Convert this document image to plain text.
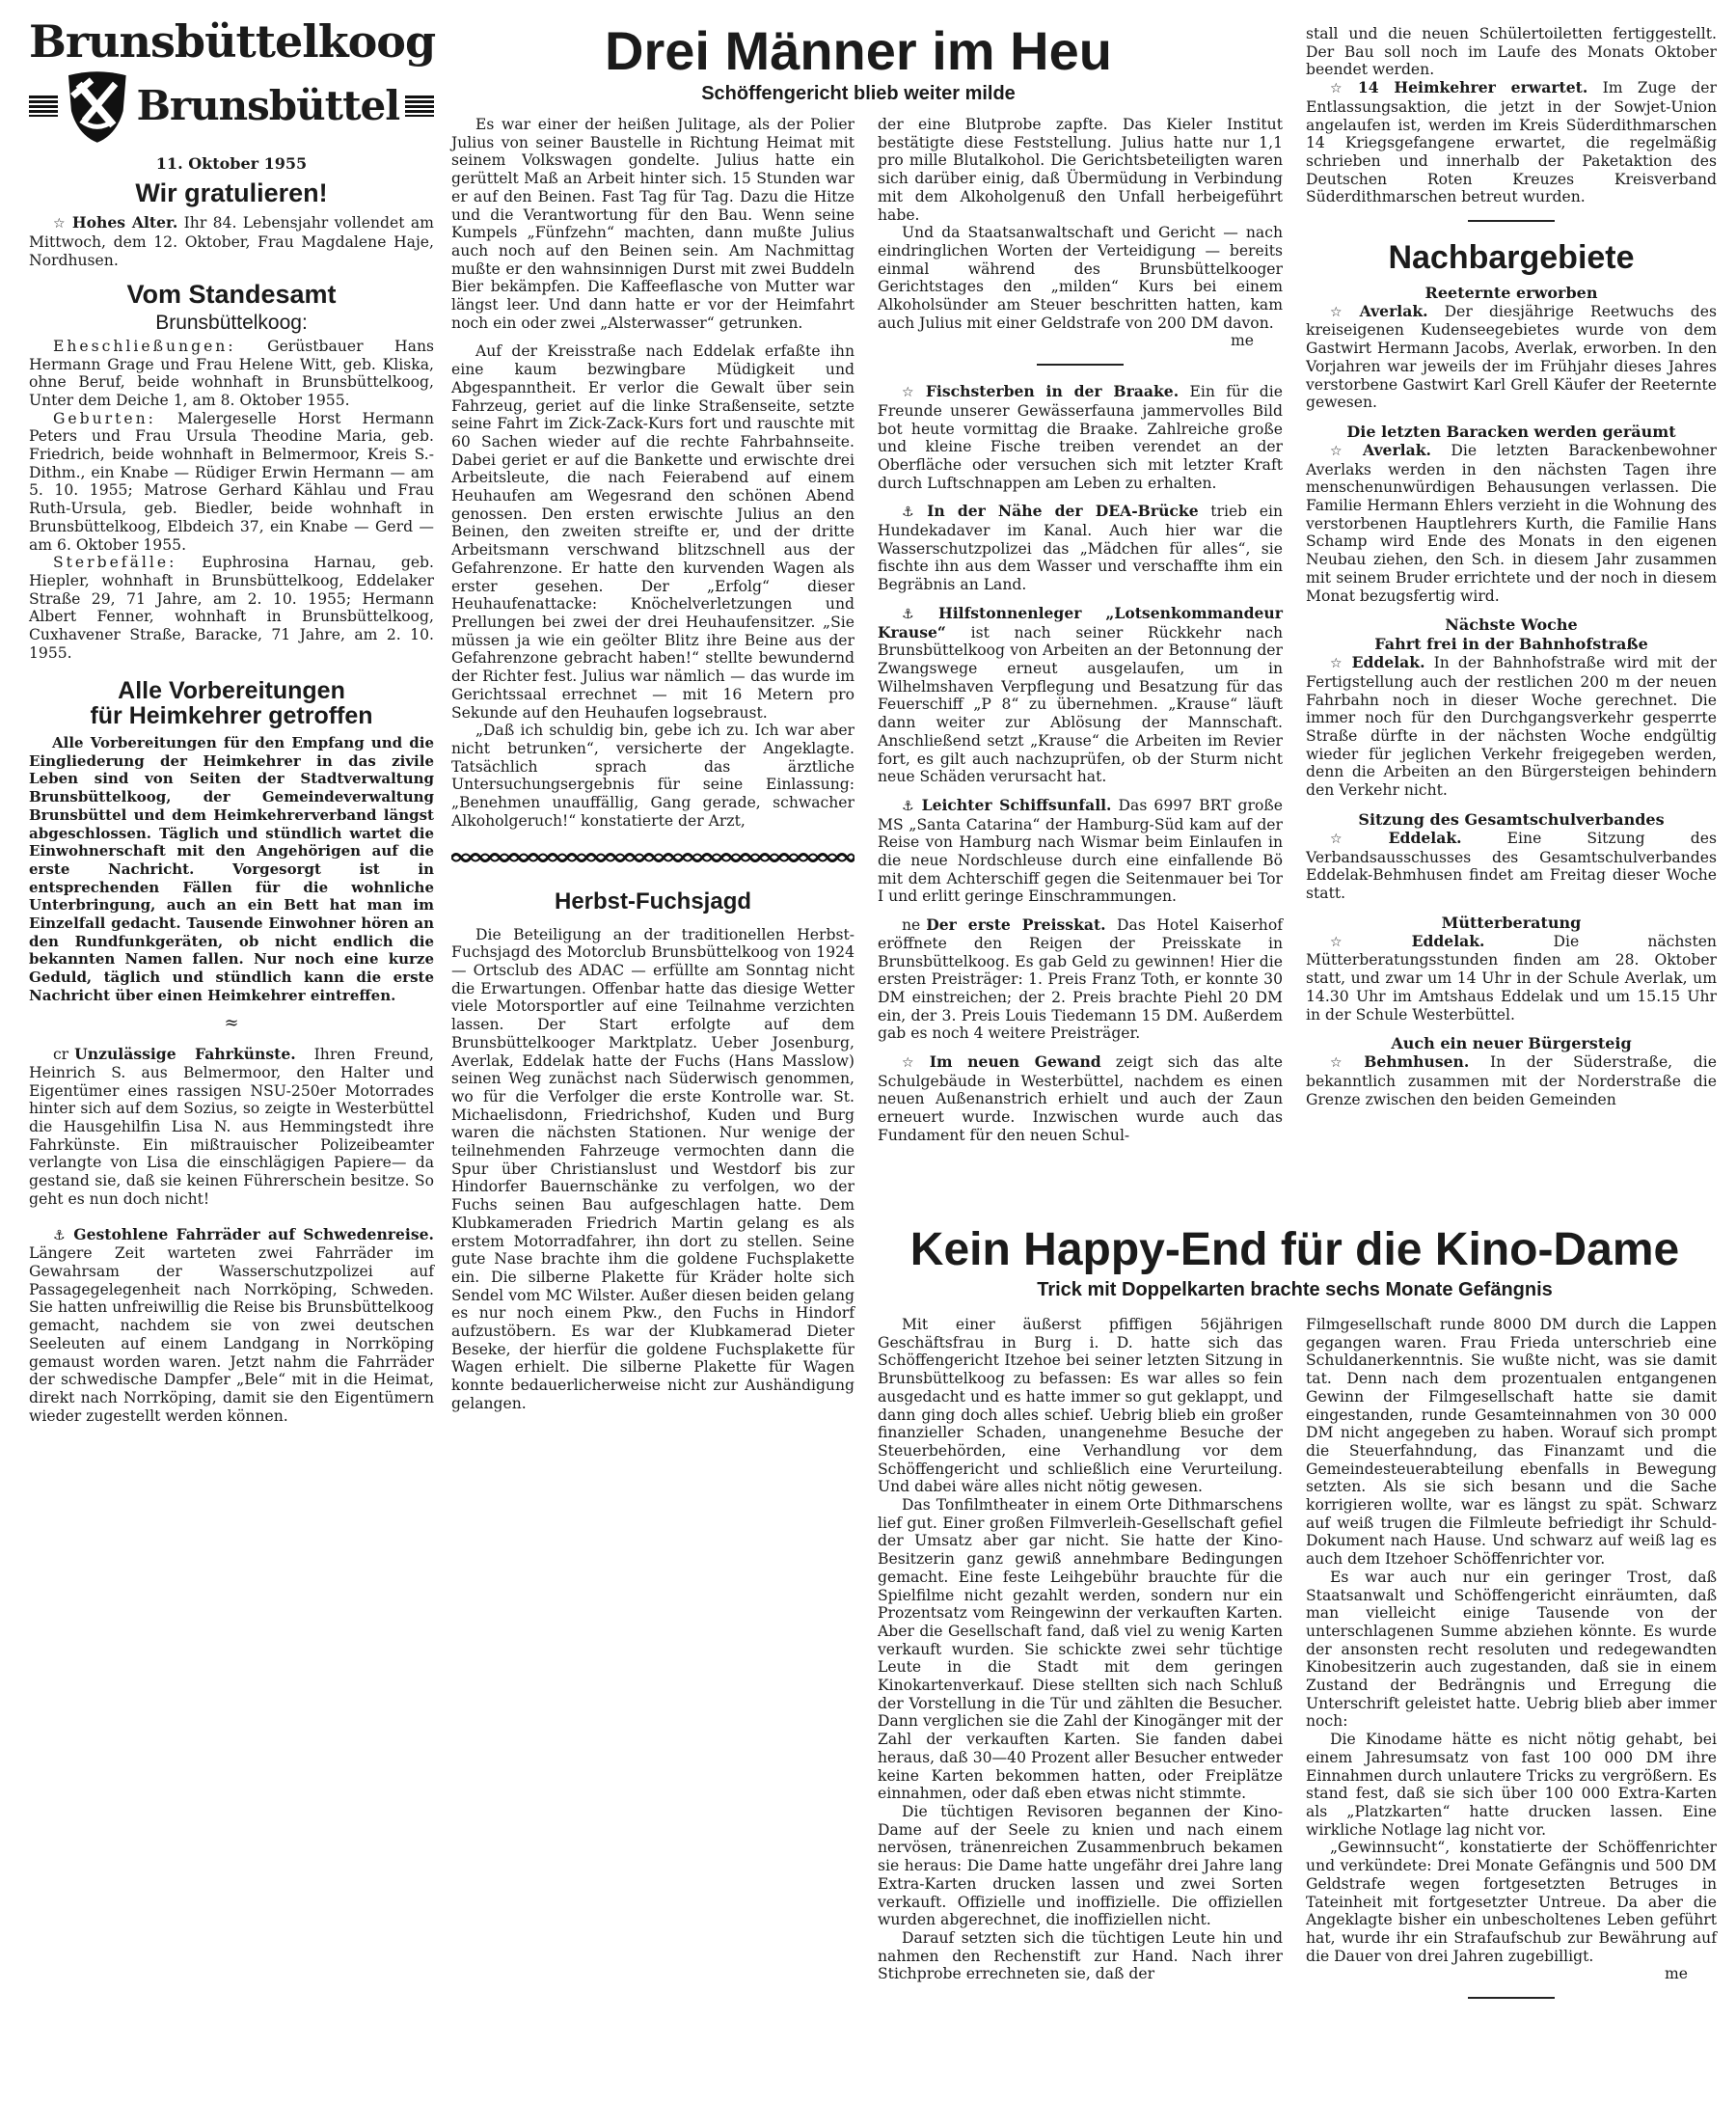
Brunsbüttelkoog
Brunsbüttel
11. Oktober 1955
Wir gratulieren!

☆ Hohes Alter. Ihr 84. Lebensjahr vollendet am Mittwoch, dem 12. Oktober, Frau Magdalene Haje, Nordhusen.

Vom Standesamt
Brunsbüttelkoog:

Eheschließungen: Gerüstbauer Hans Hermann Grage und Frau Helene Witt, geb. Kliska, ohne Beruf, beide wohnhaft in Brunsbüttelkoog, Unter dem Deiche 1, am 8. Oktober 1955.

Geburten: Malergeselle Horst Hermann Peters und Frau Ursula Theodine Maria, geb. Friedrich, beide wohnhaft in Belmermoor, Kreis S.-Dithm., ein Knabe — Rüdiger Erwin Hermann — am 5. 10. 1955; Matrose Gerhard Kählau und Frau Ruth-Ursula, geb. Biedler, beide wohnhaft in Brunsbüttelkoog, Elbdeich 37, ein Knabe — Gerd — am 6. Oktober 1955.

Sterbefälle: Euphrosina Harnau, geb. Hiepler, wohnhaft in Brunsbüttelkoog, Eddelaker Straße 29, 71 Jahre, am 2. 10. 1955; Hermann Albert Fenner, wohnhaft in Brunsbüttelkoog, Cuxhavener Straße, Baracke, 71 Jahre, am 2. 10. 1955.

Alle Vorbereitungen
für Heimkehrer getroffen

Alle Vorbereitungen für den Empfang und die Eingliederung der Heimkehrer in das zivile Leben sind von Seiten der Stadtverwaltung Brunsbüttelkoog, der Gemeindeverwaltung Brunsbüttel und dem Heimkehrerverband längst abgeschlossen. Täglich und stündlich wartet die Einwohnerschaft mit den Angehörigen auf die erste Nachricht. Vorgesorgt ist in entsprechenden Fällen für die wohnliche Unterbringung, auch an ein Bett hat man im Einzelfall gedacht. Tausende Einwohner hören an den Rundfunkgeräten, ob nicht endlich die bekannten Namen fallen. Nur noch eine kurze Geduld, täglich und stündlich kann die erste Nachricht über einen Heimkehrer eintreffen.

≈

cr Unzulässige Fahrkünste. Ihren Freund, Heinrich S. aus Belmermoor, den Halter und Eigentümer eines rassigen NSU-250er Motorrades hinter sich auf dem Sozius, so zeigte in Westerbüttel die Hausgehilfin Lisa N. aus Hemmingstedt ihre Fahrkünste. Ein mißtrauischer Polizeibeamter verlangte von Lisa die einschlägigen Papiere— da gestand sie, daß sie keinen Führerschein besitze. So geht es nun doch nicht!

⚓ Gestohlene Fahrräder auf Schwedenreise. Längere Zeit warteten zwei Fahrräder im Gewahrsam der Wasserschutzpolizei auf Passagegelegenheit nach Norrköping, Schweden. Sie hatten unfreiwillig die Reise bis Brunsbüttelkoog gemacht, nachdem sie von zwei deutschen Seeleuten auf einem Landgang in Norrköping gemaust worden waren. Jetzt nahm die Fahrräder der schwedische Dampfer „Bele“ mit in die Heimat, direkt nach Norrköping, damit sie den Eigentümern wieder zugestellt werden können.

Drei Männer im Heu
Schöffengericht blieb weiter milde

Es war einer der heißen Julitage, als der Polier Julius von seiner Baustelle in Richtung Heimat mit seinem Volkswagen gondelte. Julius hatte ein gerüttelt Maß an Arbeit hinter sich. 15 Stunden war er auf den Beinen. Fast Tag für Tag. Dazu die Hitze und die Verantwortung für den Bau. Wenn seine Kumpels „Fünfzehn“ machten, dann mußte Julius auch noch auf den Beinen sein. Am Nachmittag mußte er den wahnsinnigen Durst mit zwei Buddeln Bier bekämpfen. Die Kaffeeflasche von Mutter war längst leer. Und dann hatte er vor der Heimfahrt noch ein oder zwei „Alsterwasser“ getrunken.

Auf der Kreisstraße nach Eddelak erfaßte ihn eine kaum bezwingbare Müdigkeit und Abgespanntheit. Er verlor die Gewalt über sein Fahrzeug, geriet auf die linke Straßenseite, setzte seine Fahrt im Zick-Zack-Kurs fort und rauschte mit 60 Sachen wieder auf die rechte Fahrbahnseite. Dabei geriet er auf die Bankette und erwischte drei Arbeitsleute, die nach Feierabend auf einem Heuhaufen am Wegesrand den schönen Abend genossen. Den ersten erwischte Julius an den Beinen, den zweiten streifte er, und der dritte Arbeitsmann verschwand blitzschnell aus der Gefahrenzone. Er hatte den kurvenden Wagen als erster gesehen. Der „Erfolg“ dieser Heuhaufenattacke: Knöchelverletzungen und Prellungen bei zwei der drei Heuhaufensitzer. „Sie müssen ja wie ein geölter Blitz ihre Beine aus der Gefahrenzone gebracht haben!“ stellte bewundernd der Richter fest. Julius war nämlich — das wurde im Gerichtssaal errechnet — mit 16 Metern pro Sekunde auf den Heuhaufen logsebraust.

„Daß ich schuldig bin, gebe ich zu. Ich war aber nicht betrunken“, versicherte der Angeklagte. Tatsächlich sprach das ärztliche Untersuchungsergebnis für seine Einlassung: „Benehmen unauffällig, Gang gerade, schwacher Alkoholgeruch!“ konstatierte der Arzt,

Herbst-Fuchsjagd

Die Beteiligung an der traditionellen Herbst-Fuchsjagd des Motorclub Brunsbüttelkoog von 1924 — Ortsclub des ADAC — erfüllte am Sonntag nicht die Erwartungen. Offenbar hatte das diesige Wetter viele Motorsportler auf eine Teilnahme verzichten lassen. Der Start erfolgte auf dem Brunsbüttelkooger Marktplatz. Ueber Josenburg, Averlak, Eddelak hatte der Fuchs (Hans Masslow) seinen Weg zunächst nach Süderwisch genommen, wo für die Verfolger die erste Kontrolle war. St. Michaelisdonn, Friedrichshof, Kuden und Burg waren die nächsten Stationen. Nur wenige der teilnehmenden Fahrzeuge vermochten dann die Spur über Christianslust und Westdorf bis zur Hindorfer Bauernschänke zu verfolgen, wo der Fuchs seinen Bau aufgeschlagen hatte. Dem Klubkameraden Friedrich Martin gelang es als erstem Motorradfahrer, ihn dort zu stellen. Seine gute Nase brachte ihm die goldene Fuchsplakette ein. Die silberne Plakette für Kräder holte sich Sendel vom MC Wilster. Außer diesen beiden gelang es nur noch einem Pkw., den Fuchs in Hindorf aufzustöbern. Es war der Klubkamerad Dieter Beseke, der hierfür die goldene Fuchsplakette für Wagen erhielt. Die silberne Plakette für Wagen konnte bedauerlicherweise nicht zur Aushändigung gelangen.

der eine Blutprobe zapfte. Das Kieler Institut bestätigte diese Feststellung. Julius hatte nur 1,1 pro mille Blutalkohol. Die Gerichtsbeteiligten waren sich darüber einig, daß Übermüdung in Verbindung mit dem Alkoholgenuß den Unfall herbeigeführt habe.

Und da Staatsanwaltschaft und Gericht — nach eindringlichen Worten der Verteidigung — bereits einmal während des Brunsbüttelkooger Gerichtstages den „milden“ Kurs bei einem Alkoholsünder am Steuer beschritten hatten, kam auch Julius mit einer Geldstrafe von 200 DM davon.

me

☆ Fischsterben in der Braake. Ein für die Freunde unserer Gewässerfauna jammervolles Bild bot heute vormittag die Braake. Zahlreiche große und kleine Fische treiben verendet an der Oberfläche oder versuchen sich mit letzter Kraft durch Luftschnappen am Leben zu erhalten.

⚓ In der Nähe der DEA-Brücke trieb ein Hundekadaver im Kanal. Auch hier war die Wasserschutzpolizei das „Mädchen für alles“, sie fischte ihn aus dem Wasser und verschaffte ihm ein Begräbnis an Land.

⚓ Hilfstonnenleger „Lotsenkommandeur Krause“ ist nach seiner Rückkehr nach Brunsbüttelkoog von Arbeiten an der Betonnung der Zwangswege erneut ausgelaufen, um in Wilhelmshaven Verpflegung und Besatzung für das Feuerschiff „P 8“ zu übernehmen. „Krause“ läuft dann weiter zur Ablösung der Mannschaft. Anschließend setzt „Krause“ die Arbeiten im Revier fort, es gilt auch nachzuprüfen, ob der Sturm nicht neue Schäden verursacht hat.

⚓ Leichter Schiffsunfall. Das 6997 BRT große MS „Santa Catarina“ der Hamburg-Süd kam auf der Reise von Hamburg nach Wismar beim Einlaufen in die neue Nordschleuse durch eine einfallende Bö mit dem Achterschiff gegen die Seitenmauer bei Tor I und erlitt geringe Einschrammungen.

ne Der erste Preisskat. Das Hotel Kaiserhof eröffnete den Reigen der Preisskate in Brunsbüttelkoog. Es gab Geld zu gewinnen! Hier die ersten Preisträger: 1. Preis Franz Toth, er konnte 30 DM einstreichen; der 2. Preis brachte Piehl 20 DM ein, der 3. Preis Louis Tiedemann 15 DM. Außerdem gab es noch 4 weitere Preisträger.

☆ Im neuen Gewand zeigt sich das alte Schulgebäude in Westerbüttel, nachdem es einen neuen Außenanstrich erhielt und auch der Zaun erneuert wurde. Inzwischen wurde auch das Fundament für den neuen Schul-

stall und die neuen Schülertoiletten fertiggestellt. Der Bau soll noch im Laufe des Monats Oktober beendet werden.

☆ 14 Heimkehrer erwartet. Im Zuge der Entlassungsaktion, die jetzt in der Sowjet-Union angelaufen ist, werden im Kreis Süderdithmarschen 14 Kriegsgefangene erwartet, die regelmäßig schrieben und innerhalb der Paketaktion des Deutschen Roten Kreuzes Kreisverband Süderdithmarschen betreut wurden.

Nachbargebiete
Reeternte erworben

☆ Averlak. Der diesjährige Reetwuchs des kreiseigenen Kudenseegebietes wurde von dem Gastwirt Hermann Jacobs, Averlak, erworben. In den Vorjahren war jeweils der im Frühjahr dieses Jahres verstorbene Gastwirt Karl Grell Käufer der Reeternte gewesen.

Die letzten Baracken werden geräumt

☆ Averlak. Die letzten Barackenbewohner Averlaks werden in den nächsten Tagen ihre menschenunwürdigen Behausungen verlassen. Die Familie Hermann Ehlers verzieht in die Wohnung des verstorbenen Hauptlehrers Kurth, die Familie Hans Schamp wird Ende des Monats in den eigenen Neubau ziehen, den Sch. in diesem Jahr zusammen mit seinem Bruder errichtete und der noch in diesem Monat bezugsfertig wird.

Nächste Woche
Fahrt frei in der Bahnhofstraße

☆ Eddelak. In der Bahnhofstraße wird mit der Fertigstellung auch der restlichen 200 m der neuen Fahrbahn noch in dieser Woche gerechnet. Die immer noch für den Durchgangsverkehr gesperrte Straße dürfte in der nächsten Woche endgültig wieder für jeglichen Verkehr freigegeben werden, denn die Arbeiten an den Bürgersteigen behindern den Verkehr nicht.

Sitzung des Gesamtschulverbandes

☆ Eddelak.	Eine Sitzung des Verbandsausschusses des Gesamtschulverbandes Eddelak-Behmhusen findet am Freitag dieser Woche statt.

Mütterberatung

☆ Eddelak.	Die nächsten Mütterberatungsstunden finden am 28. Oktober statt, und zwar um 14 Uhr in der Schule Averlak, um 14.30 Uhr im Amtshaus Eddelak und um 15.15 Uhr in der Schule Westerbüttel.

Auch ein neuer Bürgersteig

☆ Behmhusen. In der Süderstraße, die bekanntlich zusammen mit der Norderstraße die Grenze zwischen den beiden Gemeinden

Kein Happy-End für die Kino-Dame
Trick mit Doppelkarten brachte sechs Monate Gefängnis

Mit einer äußerst pfiffigen 56jährigen Geschäftsfrau in Burg i. D. hatte sich das Schöffengericht Itzehoe bei seiner letzten Sitzung in Brunsbüttelkoog zu befassen: Es war alles so fein ausgedacht und es hatte immer so gut geklappt, und dann ging doch alles schief. Uebrig blieb ein großer finanzieller Schaden, unangenehme Besuche der Steuerbehörden, eine Verhandlung vor dem Schöffengericht und schließlich eine Verurteilung. Und dabei wäre alles nicht nötig gewesen.

Das Tonfilmtheater in einem Orte Dithmarschens lief gut. Einer großen Filmverleih-Gesellschaft gefiel der Umsatz aber gar nicht. Sie hatte der Kino-Besitzerin ganz gewiß annehmbare Bedingungen gemacht. Eine feste Leihgebühr brauchte für die Spielfilme nicht gezahlt werden, sondern nur ein Prozentsatz vom Reingewinn der verkauften Karten. Aber die Gesellschaft fand, daß viel zu wenig Karten verkauft wurden. Sie schickte zwei sehr tüchtige Leute in die Stadt mit dem geringen Kinokartenverkauf. Diese stellten sich nach Schluß der Vorstellung in die Tür und zählten die Besucher. Dann verglichen sie die Zahl der Kinogänger mit der Zahl der verkauften Karten. Sie fanden dabei heraus, daß 30—40 Prozent aller Besucher entweder keine Karten bekommen hatten, oder Freiplätze einnahmen, oder daß eben etwas nicht stimmte.

Die tüchtigen Revisoren begannen der Kino-Dame auf der Seele zu knien und nach einem nervösen, tränenreichen Zusammenbruch bekamen sie heraus: Die Dame hatte ungefähr drei Jahre lang Extra-Karten drucken lassen und zwei Sorten verkauft. Offizielle und inoffizielle. Die offiziellen wurden abgerechnet, die inoffiziellen nicht.

Darauf setzten sich die tüchtigen Leute hin und nahmen den Rechenstift zur Hand. Nach ihrer Stichprobe errechneten sie, daß der

Filmgesellschaft runde 8000 DM durch die Lappen gegangen waren. Frau Frieda unterschrieb eine Schuldanerkenntnis. Sie wußte nicht, was sie damit tat. Denn nach dem prozentualen entgangenen Gewinn der Filmgesellschaft hatte sie damit eingestanden, runde Gesamteinnahmen von 30 000 DM nicht angegeben zu haben. Worauf sich prompt die Steuerfahndung, das Finanzamt und die Gemeindesteuerabteilung ebenfalls in Bewegung setzten. Als sie sich besann und die Sache korrigieren wollte, war es längst zu spät. Schwarz auf weiß trugen die Filmleute befriedigt ihr Schuld-Dokument nach Hause. Und schwarz auf weiß lag es auch dem Itzehoer Schöffenrichter vor.

Es war auch nur ein geringer Trost, daß Staatsanwalt und Schöffengericht einräumten, daß man vielleicht einige Tausende von der unterschlagenen Summe abziehen könnte. Es wurde der ansonsten recht resoluten und redegewandten Kinobesitzerin auch zugestanden, daß sie in einem Zustand der Bedrängnis und Erregung die Unterschrift geleistet hatte. Uebrig blieb aber immer noch:

Die Kinodame hätte es nicht nötig gehabt, bei einem Jahresumsatz von fast 100 000 DM ihre Einnahmen durch unlautere Tricks zu vergrößern. Es stand fest, daß sie sich über 100 000 Extra-Karten als „Platzkarten“ hatte drucken lassen. Eine wirkliche Notlage lag nicht vor.

„Gewinnsucht“, konstatierte der Schöffenrichter und verkündete: Drei Monate Gefängnis und 500 DM Geldstrafe wegen fortgesetzten Betruges in Tateinheit mit fortgesetzter Untreue. Da aber die Angeklagte bisher ein unbescholtenes Leben geführt hat, wurde ihr ein Strafaufschub zur Bewährung auf die Dauer von drei Jahren zugebilligt.

me
